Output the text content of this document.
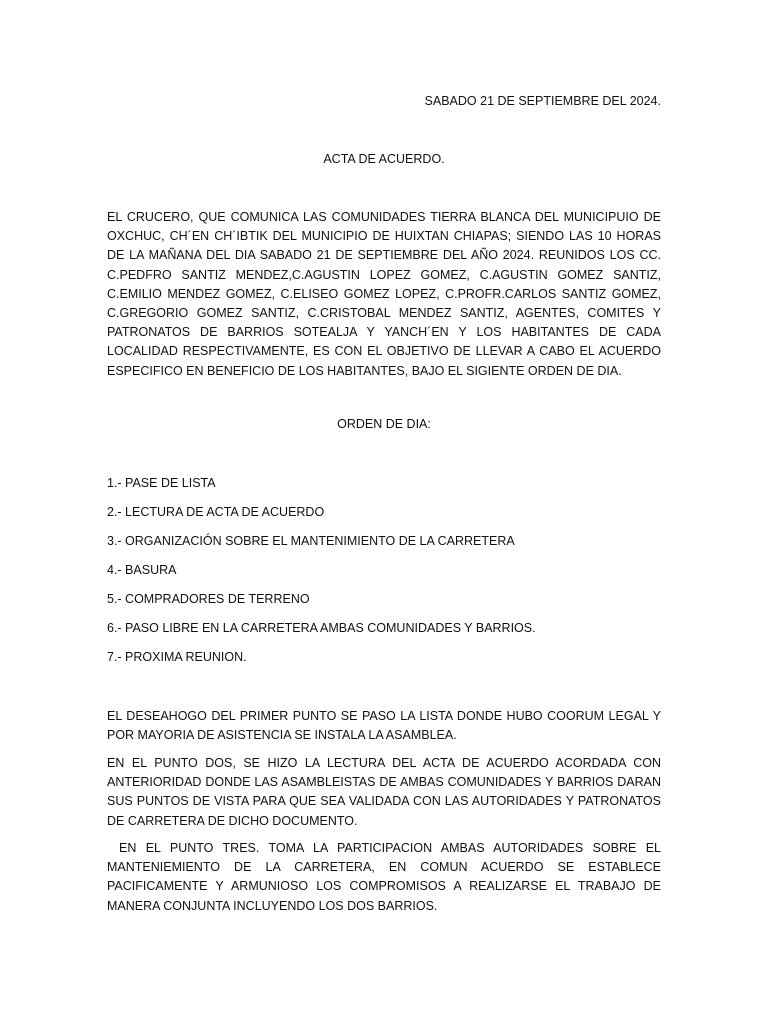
SABADO 21 DE SEPTIEMBRE DEL 2024.
ACTA DE ACUERDO.

EL CRUCERO, QUE COMUNICA LAS COMUNIDADES TIERRA BLANCA DEL MUNICIPUIO DE OXCHUC, CH´EN CH´IBTIK DEL MUNICIPIO DE HUIXTAN CHIAPAS; SIENDO LAS 10 HORAS DE LA MAÑANA DEL DIA SABADO 21 DE SEPTIEMBRE DEL AÑO 2024. REUNIDOS LOS CC. C.PEDFRO SANTIZ MENDEZ,C.AGUSTIN LOPEZ GOMEZ, C.AGUSTIN GOMEZ SANTIZ, C.EMILIO MENDEZ GOMEZ, C.ELISEO GOMEZ LOPEZ, C.PROFR.CARLOS SANTIZ GOMEZ, C.GREGORIO GOMEZ SANTIZ, C.CRISTOBAL MENDEZ SANTIZ, AGENTES, COMITES Y PATRONATOS DE BARRIOS SOTEALJA Y YANCH´EN Y LOS HABITANTES DE CADA LOCALIDAD RESPECTIVAMENTE, ES CON EL OBJETIVO DE LLEVAR A CABO EL ACUERDO ESPECIFICO EN BENEFICIO DE LOS HABITANTES, BAJO EL SIGIENTE ORDEN DE DIA.

ORDEN DE DIA:
1.- PASE DE LISTA
2.- LECTURA DE ACTA DE ACUERDO
3.- ORGANIZACIÓN SOBRE EL MANTENIMIENTO DE LA CARRETERA
4.- BASURA
5.- COMPRADORES DE TERRENO
6.- PASO LIBRE EN LA CARRETERA AMBAS COMUNIDADES Y BARRIOS.
7.- PROXIMA REUNION.

EL DESEAHOGO DEL PRIMER PUNTO SE PASO LA LISTA DONDE HUBO COORUM LEGAL Y POR MAYORIA DE ASISTENCIA SE INSTALA LA ASAMBLEA.

EN EL PUNTO DOS, SE HIZO LA LECTURA DEL ACTA DE ACUERDO ACORDADA CON ANTERIORIDAD DONDE LAS ASAMBLEISTAS DE AMBAS COMUNIDADES Y BARRIOS DARAN SUS PUNTOS DE VISTA PARA QUE SEA VALIDADA CON LAS AUTORIDADES Y PATRONATOS DE CARRETERA DE DICHO DOCUMENTO.

EN EL PUNTO TRES. TOMA LA PARTICIPACION AMBAS AUTORIDADES SOBRE EL MANTENIEMIENTO DE LA CARRETERA, EN COMUN ACUERDO SE ESTABLECE PACIFICAMENTE Y ARMUNIOSO LOS COMPROMISOS A REALIZARSE EL TRABAJO DE MANERA CONJUNTA INCLUYENDO LOS DOS BARRIOS.
